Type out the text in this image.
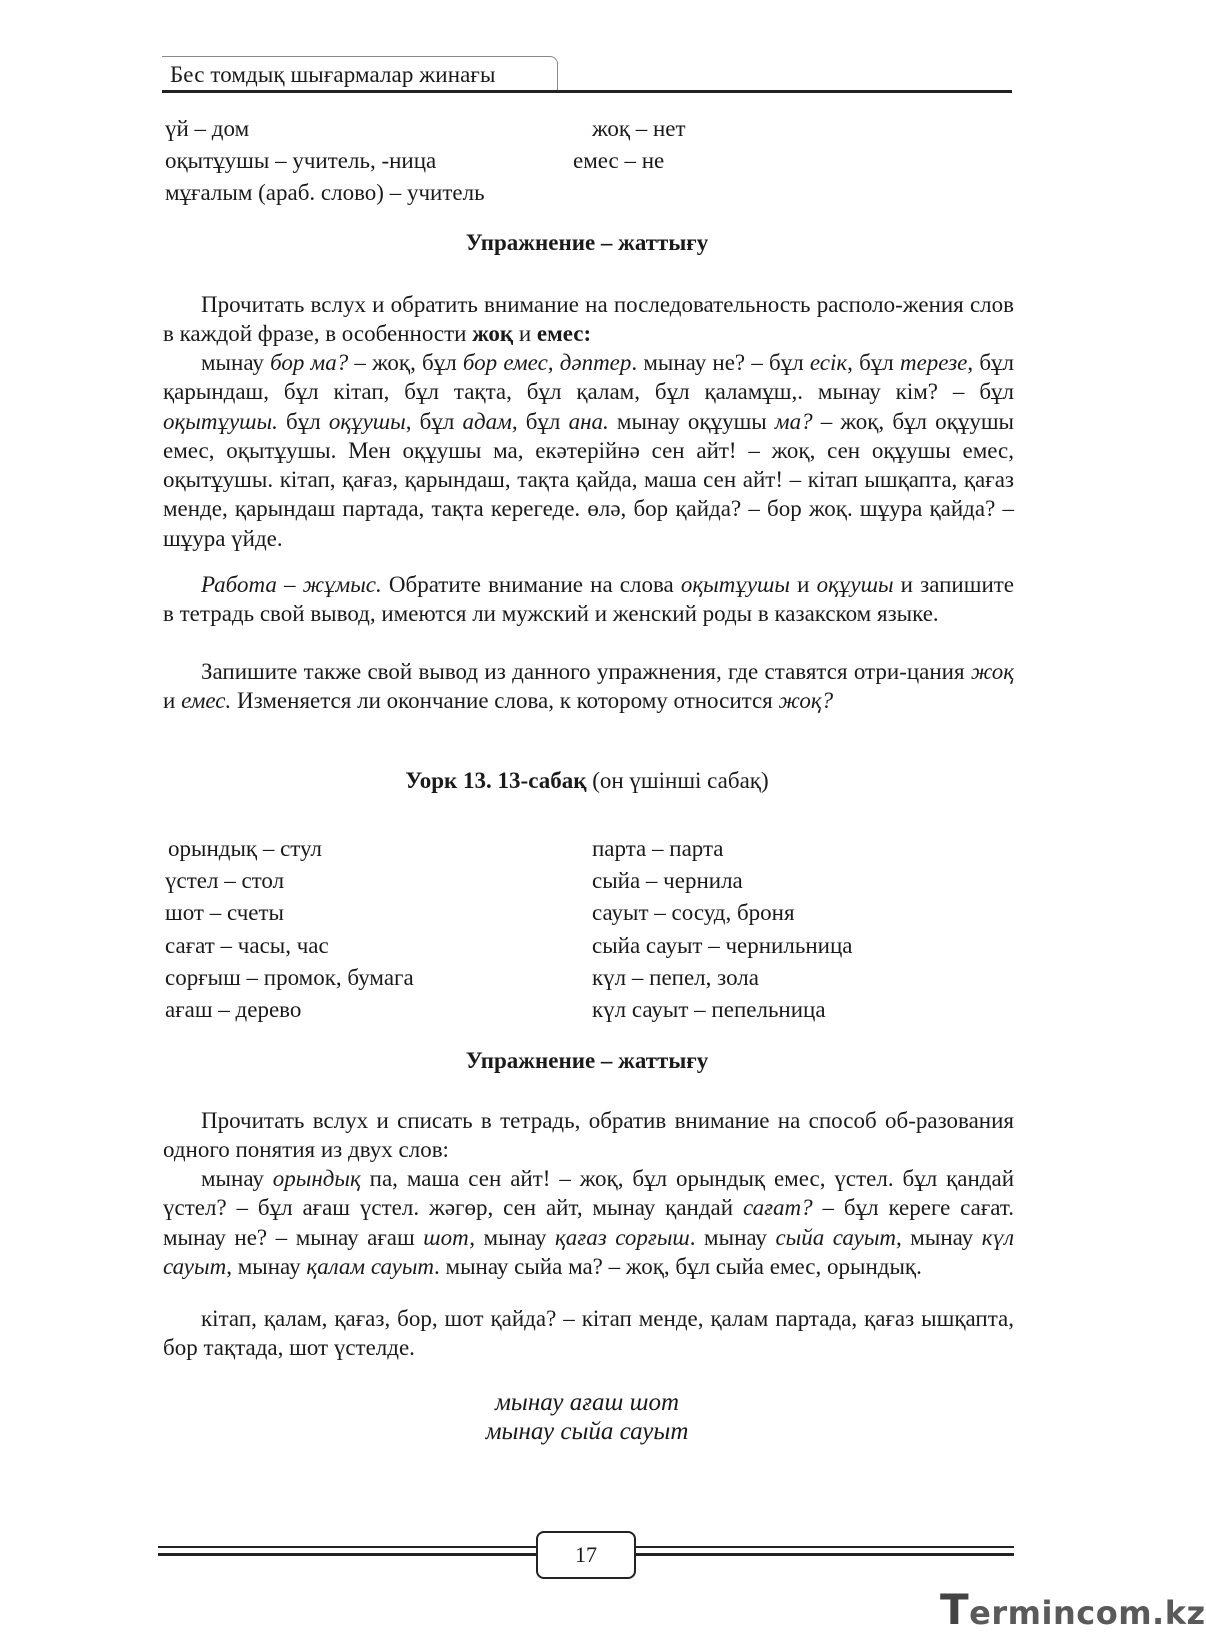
Бес томдық шығармалар жинағы
үй – дом
оқытұушы – учитель, -ница
мұғалым (араб. слово) – учитель
жоқ – нет
емес – не
Упражнение – жаттығу
Прочитать вслух и обратить внимание на последовательность располо-жения слов в каждой фразе, в особенности жоқ и емес:
мынау бор ма? – жоқ, бұл бор емес, дәптер. мынау не? – бұл есік, бұл терезе, бұл қарындаш, бұл кітап, бұл тақта, бұл қалам, бұл қаламұш,. мынау кім? – бұл оқытұушы. бұл оқұушы, бұл адам, бұл ана. мынау оқұушы ма? – жоқ, бұл оқұушы емес, оқытұушы. Мен оқұушы ма, екәтерійнә сен айт! – жоқ, сен оқұушы емес, оқытұушы. кітап, қағаз, қарындаш, тақта қайда, маша сен айт! – кітап ышқапта, қағаз менде, қарындаш партада, тақта керегеде. өлә, бор қайда? – бор жоқ. шұура қайда? – шұура үйде.
Работа – жұмыс. Обратите внимание на слова оқытұушы и оқұушы и запишите в тетрадь свой вывод, имеются ли мужский и женский роды в казакском языке.
Запишите также свой вывод из данного упражнения, где ставятся отри-цания жоқ и емес. Изменяется ли окончание слова, к которому относится жоқ?
Уорк 13. 13-сабақ (он үшінші сабақ)
орындық – стул
үстел – стол
шот – счеты
сағат – часы, час
сорғыш – промок, бумага
ағаш – дерево
парта – парта
сыйа – чернила
сауыт – сосуд, броня
сыйа сауыт – чернильница
күл – пепел, зола
күл сауыт – пепельница
Упражнение – жаттығу
Прочитать вслух и списать в тетрадь, обратив внимание на способ об-разования одного понятия из двух слов:
мынау орындық па, маша сен айт! – жоқ, бұл орындық емес, үстел. бұл қандай үстел? – бұл ағаш үстел. жәгөр, сен айт, мынау қандай сағат? – бұл кереге сағат. мынау не? – мынау ағаш шот, мынау қағаз сорғыш. мынау сыйа сауыт, мынау күл сауыт, мынау қалам сауыт. мынау сыйа ма? – жоқ, бұл сыйа емес, орындық.
кітап, қалам, қағаз, бор, шот қайда? – кітап менде, қалам партада, қағаз ышқапта, бор тақтада, шот үстелде.
мынау ағаш шот
мынау сыйа сауыт
17
Termincom.kz
